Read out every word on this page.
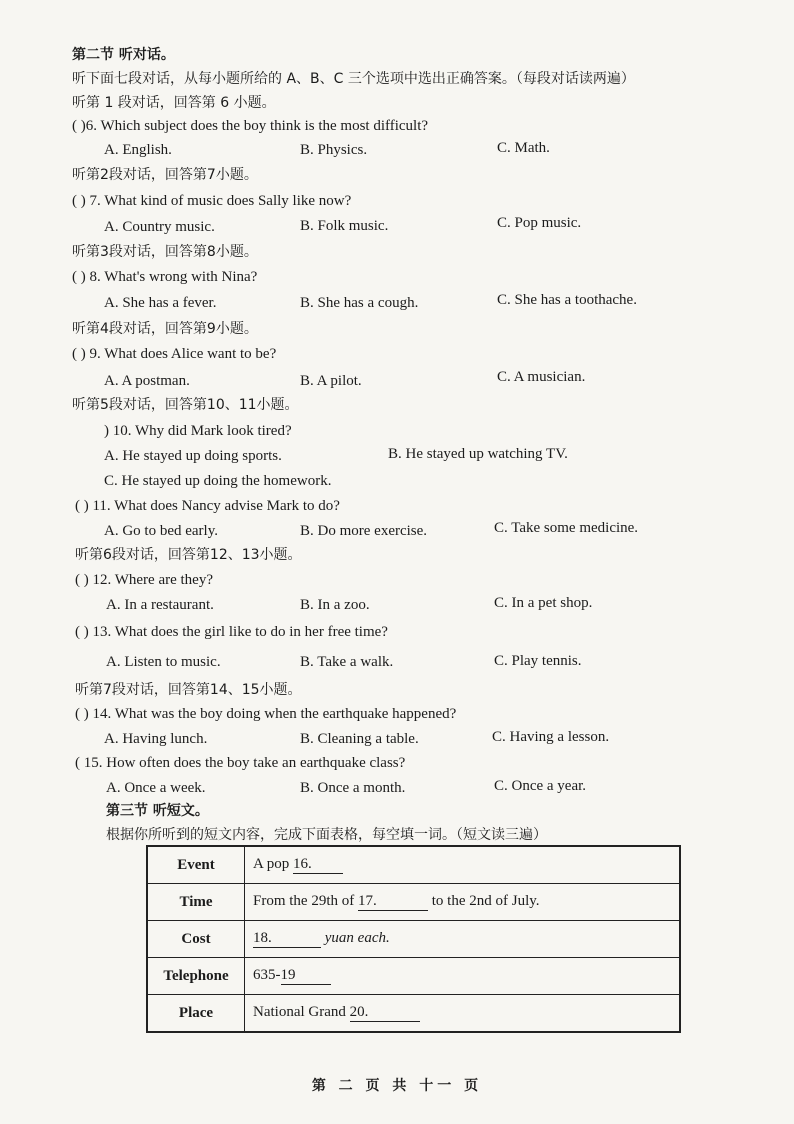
第二节 听对话。
听下面七段对话，从每小题所给的 A、B、C 三个选项中选出正确答案。（每段对话读两遍）
听第 1 段对话，回答第 6 小题。
( )6. Which subject does the boy think is the most difficult?
A. English.	B. Physics.	C. Math.
听第2段对话，回答第7小题。
( ) 7. What kind of music does Sally like now?
A. Country music.	B. Folk music.	C. Pop music.
听第3段对话，回答第8小题。
( ) 8. What's wrong with Nina?
A. She has a fever.	B. She has a cough.	C. She has a toothache.
听第4段对话，回答第9小题。
( ) 9. What does Alice want to be?
A. A postman.	B. A pilot.	C. A musician.
听第5段对话，回答第10、11小题。
) 10. Why did Mark look tired?
A. He stayed up doing sports.	B. He stayed up watching TV.
C. He stayed up doing the homework.
( ) 11. What does Nancy advise Mark to do?
A. Go to bed early.	B. Do more exercise.	C. Take some medicine.
听第6段对话，回答第12、13小题。
( ) 12. Where are they?
A. In a restaurant.	B. In a zoo.	C. In a pet shop.
( ) 13. What does the girl like to do in her free time?
A. Listen to music.	B. Take a walk.	C. Play tennis.
听第7段对话，回答第14、15小题。
( ) 14. What was the boy doing when the earthquake happened?
A. Having lunch.	B. Cleaning a table.	C. Having a lesson.
( 15. How often does the boy take an earthquake class?
A. Once a week.	B. Once a month.	C. Once a year.
第三节 听短文。
根据你所听到的短文内容，完成下面表格，每空填一词。（短文读三遍）
Event	A pop 16.
Time	From the 29th of 17. to the 2nd of July.
Cost	18. yuan each.
Telephone	635-19
Place	National Grand 20.
第 二 页 共 十一 页
